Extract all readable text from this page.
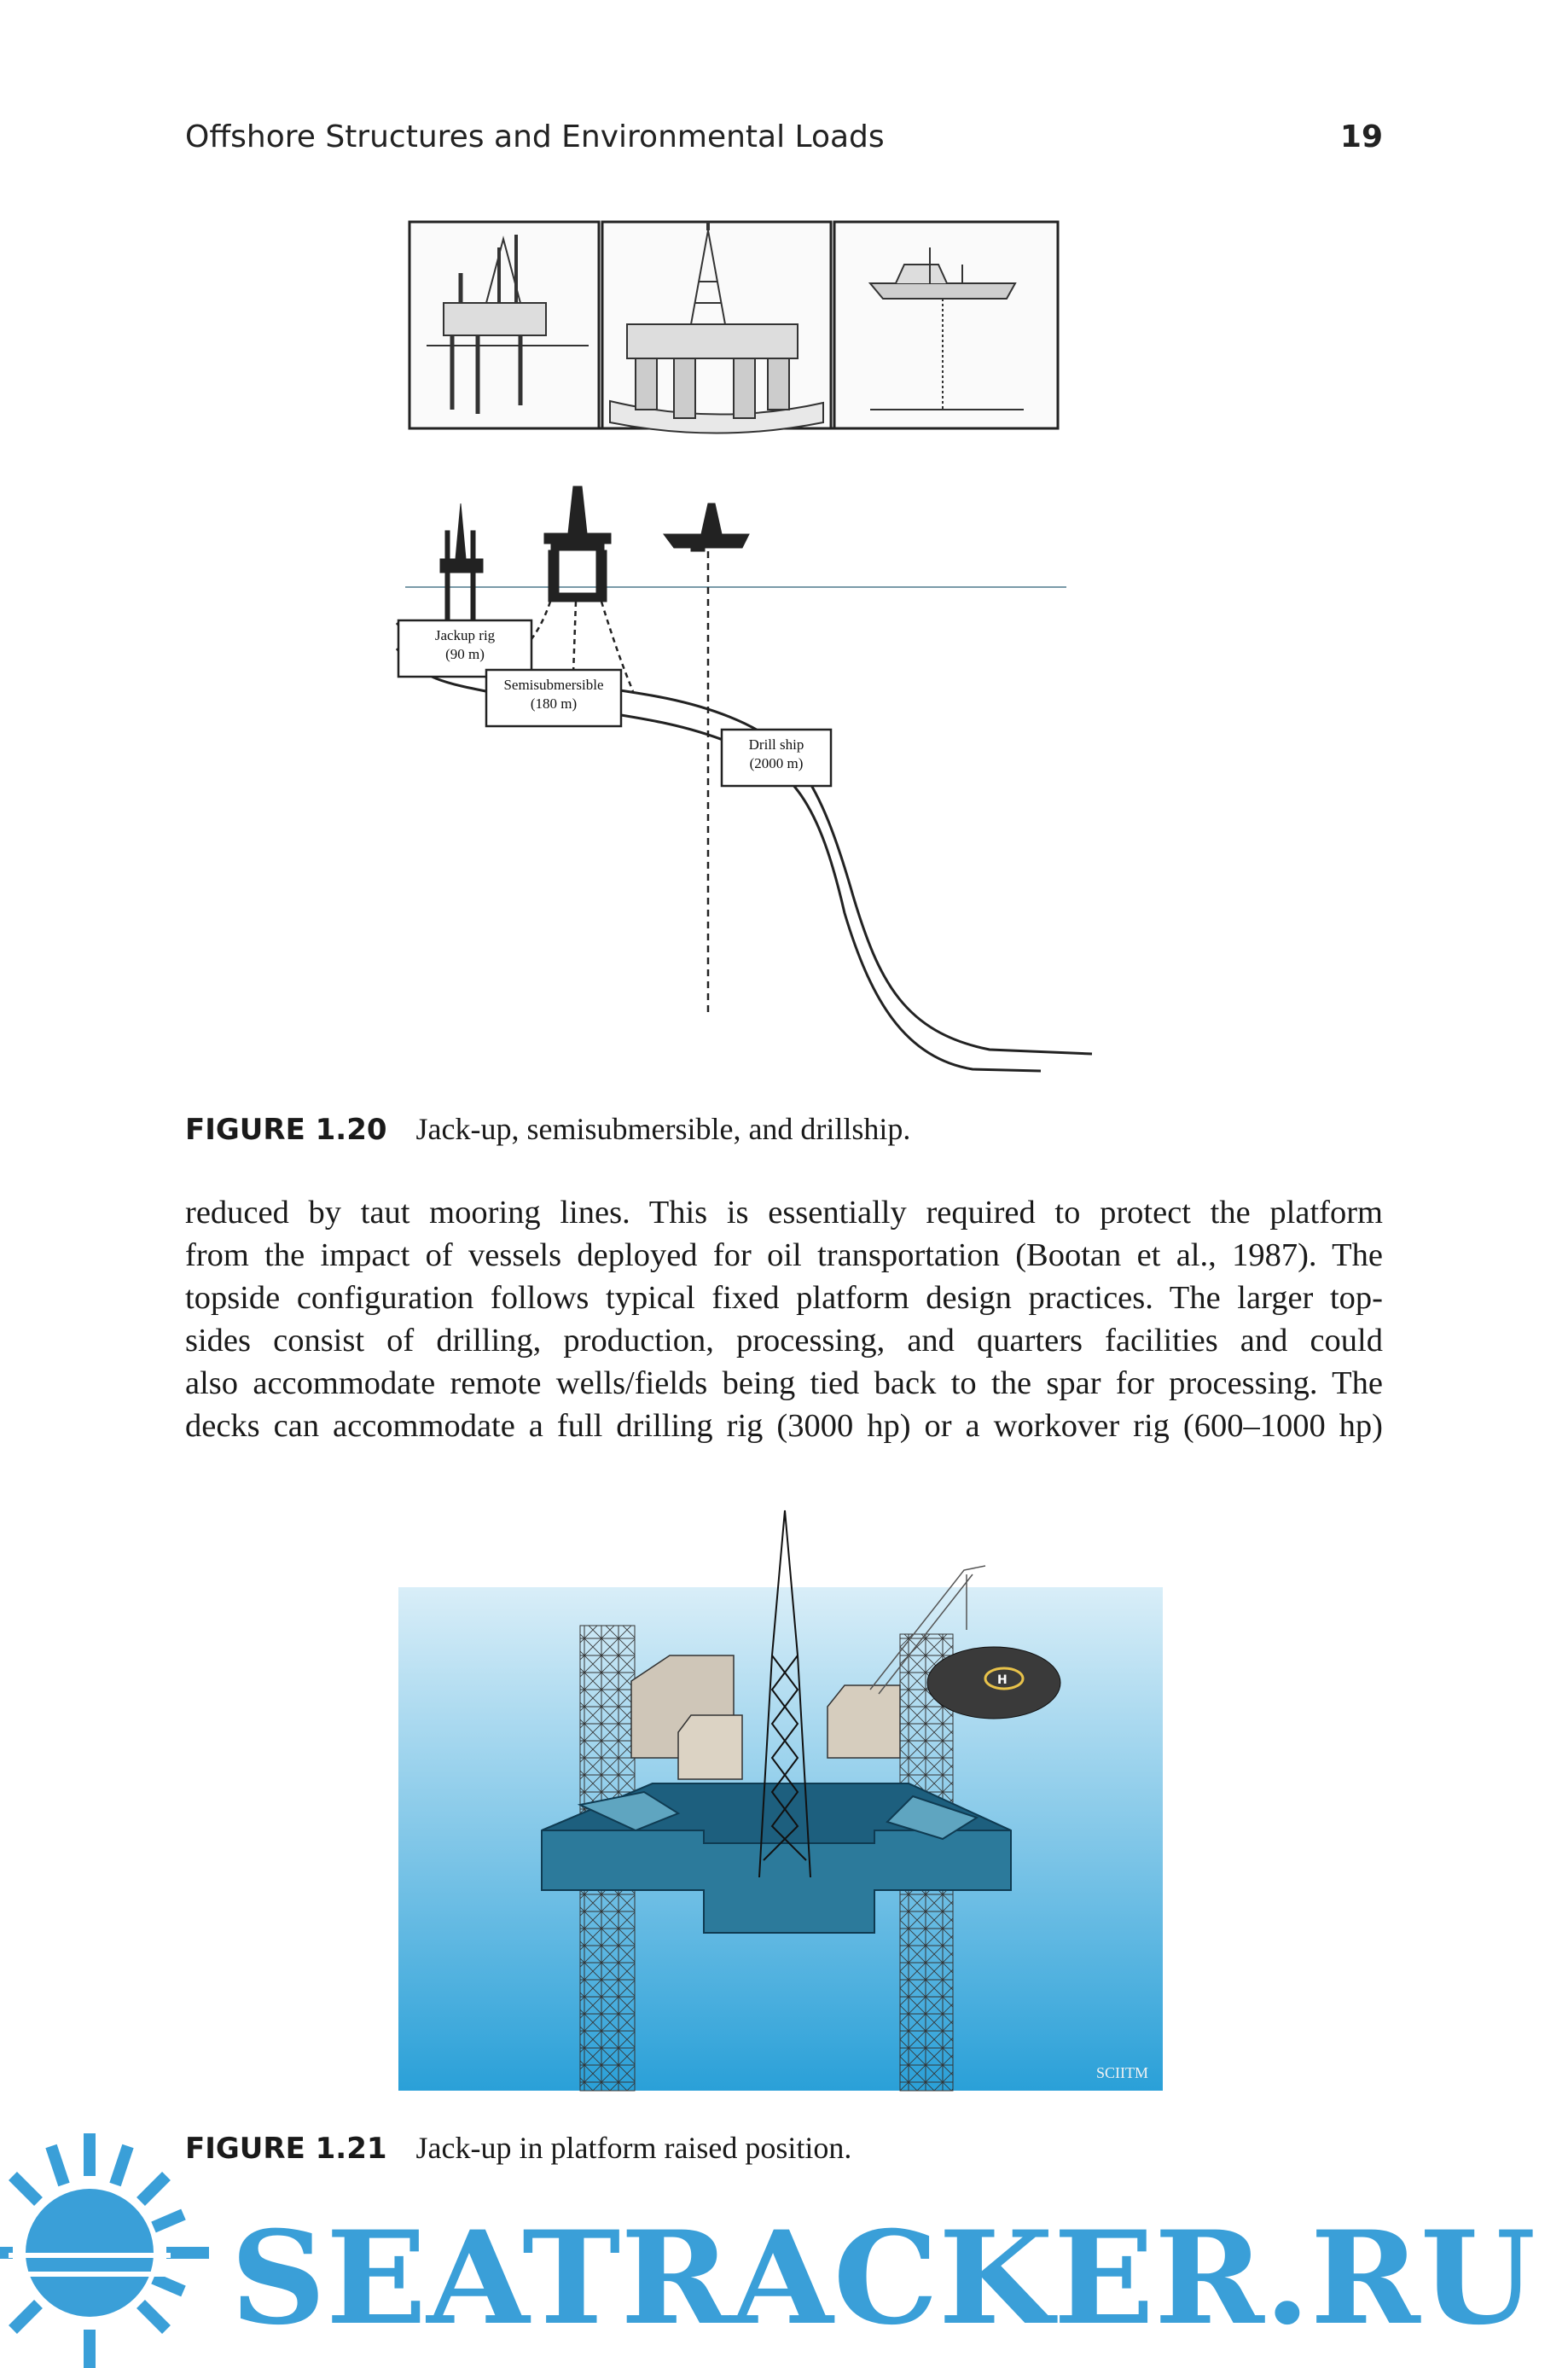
Offshore Structures and Environmental Loads	19
Jackup rig
(90 m)
Semisubmersible
(180 m)
Drill ship
(2000 m)
FIGURE 1.20 Jack-up, semisubmersible, and drillship.
reduced by taut mooring lines. This is essentially required to protect the platform
from the impact of vessels deployed for oil transportation (Bootan et al., 1987). The
topside configuration follows typical fixed platform design practices. The larger top-
sides consist of drilling, production, processing, and quarters facilities and could
also accommodate remote wells/fields being tied back to the spar for processing. The
decks can accommodate a full drilling rig (3000 hp) or a workover rig (600–1000 hp)
H
SCIITM
FIGURE 1.21 Jack-up in platform raised position.
SEATRACKER.RU
